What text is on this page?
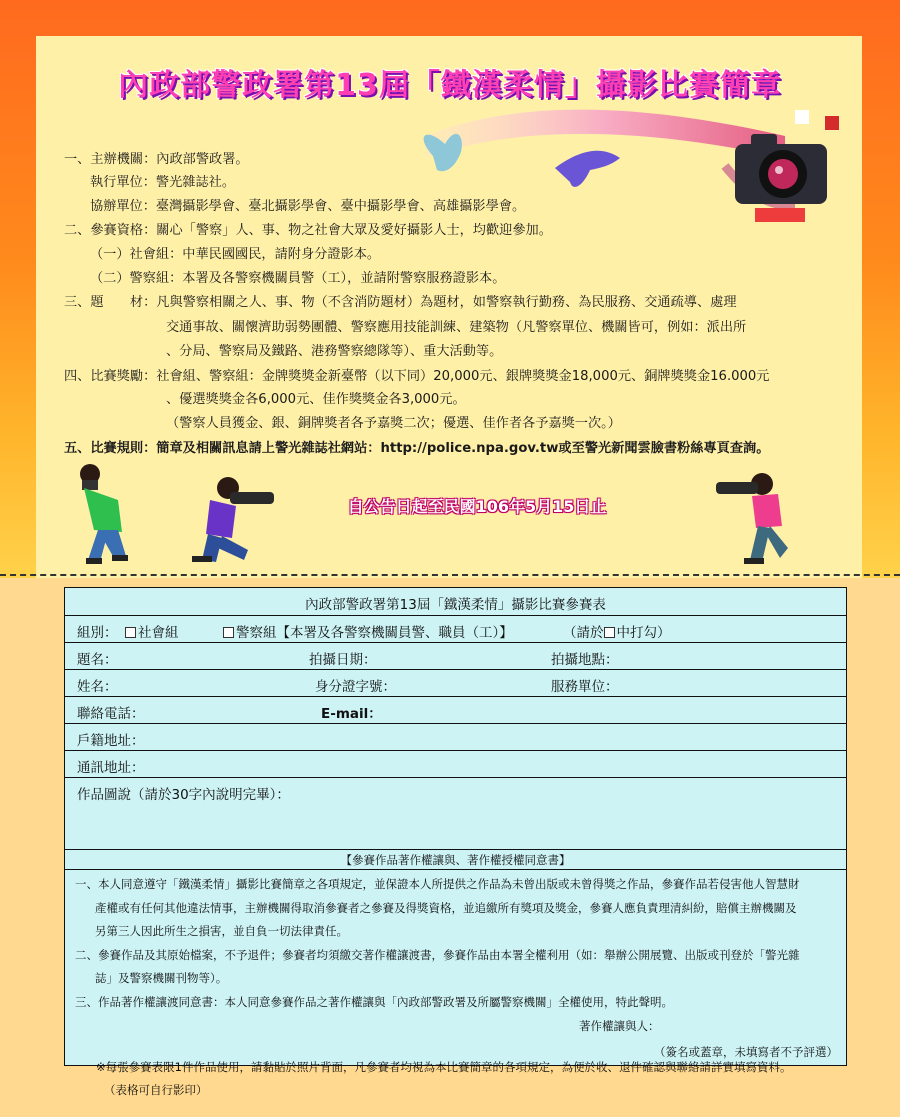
內政部警政署第13屆「鐵漢柔情」攝影比賽簡章
一、主辦機關：內政部警政署。
執行單位：警光雜誌社。
協辦單位：臺灣攝影學會、臺北攝影學會、臺中攝影學會、高雄攝影學會。
二、參賽資格：關心「警察」人、事、物之社會大眾及愛好攝影人士，均歡迎參加。
（一）社會組：中華民國國民，請附身分證影本。
（二）警察組：本署及各警察機關員警（工），並請附警察服務證影本。
三、題　　材：凡與警察相關之人、事、物（不含消防題材）為題材，如警察執行勤務、為民服務、交通疏導、處理
交通事故、關懷濟助弱勢團體、警察應用技能訓練、建築物（凡警察單位、機關皆可，例如：派出所
、分局、警察局及鐵路、港務警察總隊等）、重大活動等。
四、比賽獎勵：社會組、警察組：金牌獎獎金新臺幣（以下同）20,000元、銀牌獎獎金18,000元、銅牌獎獎金16.000元
、優選獎獎金各6,000元、佳作獎獎金各3,000元。
（警察人員獲金、銀、銅牌獎者各予嘉獎二次；優選、佳作者各予嘉獎一次。）
五、比賽規則：簡章及相關訊息請上警光雜誌社網站：http://police.npa.gov.tw或至警光新聞雲臉書粉絲專頁查詢。
自公告日起至民國106年5月15日止
內政部警政署第13屆「鐵漢柔情」攝影比賽參賽表
組別：	社會組	警察組【本署及各警察機關員警、職員（工）】	（請於 中打勾）
題名：	拍攝日期：	拍攝地點：
姓名：	身分證字號：	服務單位：
聯絡電話：	E-mail：
戶籍地址：
通訊地址：
作品圖說（請於30字內說明完畢）：
【參賽作品著作權讓與、著作權授權同意書】
一、本人同意遵守「鐵漢柔情」攝影比賽簡章之各項規定，並保證本人所提供之作品為未曾出版或未曾得獎之作品，參賽作品若侵害他人智慧財
產權或有任何其他違法情事，主辦機關得取消參賽者之參賽及得獎資格，並追繳所有獎項及獎金，參賽人應負責理清糾紛，賠償主辦機關及
另第三人因此所生之損害，並自負一切法律責任。
二、參賽作品及其原始檔案，不予退件；參賽者均須繳交著作權讓渡書，參賽作品由本署全權利用（如：舉辦公開展覽、出版或刊登於「警光雜
誌」及警察機關刊物等）。
三、作品著作權讓渡同意書：本人同意參賽作品之著作權讓與「內政部警政署及所屬警察機關」全權使用，特此聲明。
著作權讓與人：
（簽名或蓋章，未填寫者不予評選）
※每張參賽表限1件作品使用，請黏貼於照片背面，凡參賽者均視為本比賽簡章的各項規定，為便於收、退件確認與聯絡請詳實填寫資料。
（表格可自行影印）
